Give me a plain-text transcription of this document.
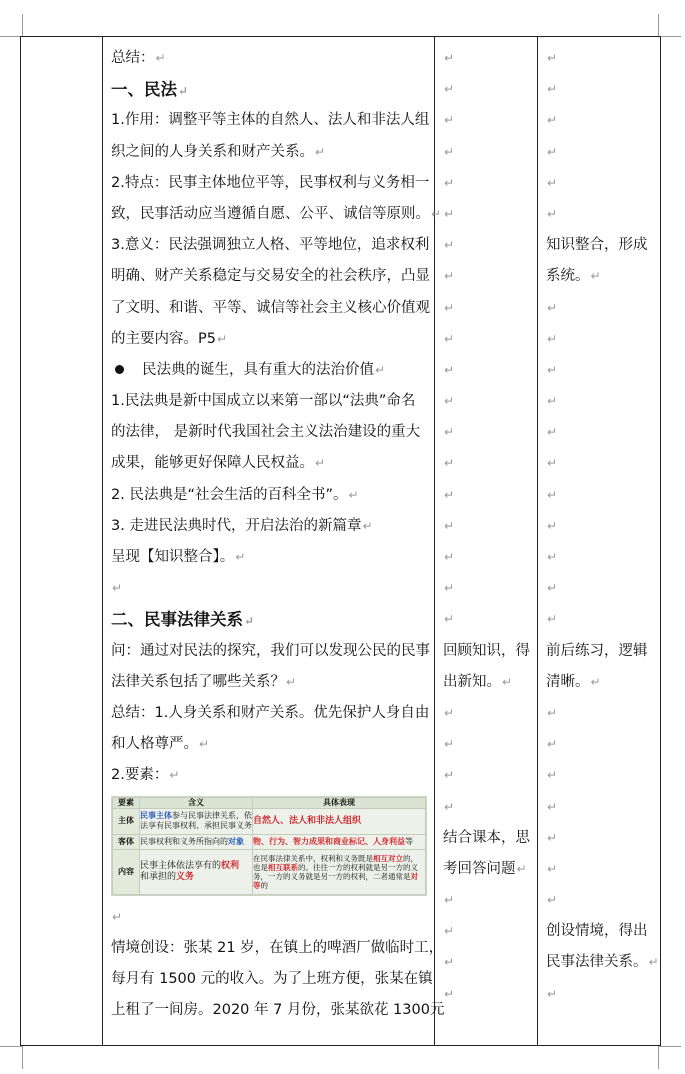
总结：↵
一、民法↵
1.作用：调整平等主体的自然人、法人和非法人组
织之间的人身关系和财产关系。↵
2.特点：民事主体地位平等，民事权利与义务相一
致，民事活动应当遵循自愿、公平、诚信等原则。↵
3.意义：民法强调独立人格、平等地位，追求权利
明确、财产关系稳定与交易安全的社会秩序，凸显
了文明、和谐、平等、诚信等社会主义核心价值观
的主要内容。P5↵
民法典的诞生，具有重大的法治价值↵
1.民法典是新中国成立以来第一部以“法典”命名
的法律， 是新时代我国社会主义法治建设的重大
成果，能够更好保障人民权益。↵
2. 民法典是“社会生活的百科全书”。↵
3. 走进民法典时代，开启法治的新篇章↵
呈现【知识整合】。↵
↵
二、民事法律关系↵
问：通过对民法的探究，我们可以发现公民的民事
法律关系包括了哪些关系？↵
总结：1.人身关系和财产关系。优先保护人身自由
和人格尊严。↵
2.要素：↵
要素	含义	具体表现
主体	民事主体参与民事法律关系，依法享有民事权利、承担民事义务	自然人、法人和非法人组织
客体	民事权利和义务所指向的对象	物、行为、智力成果和商业标记、人身利益等
内容	民事主体依法享有的权利
和承担的义务	在民事法律关系中，权利和义务既是相互对立的，也是相互联系的。往往一方的权利就是另一方的义务，一方的义务就是另一方的权利，二者通常是对等的
↵
情境创设：张某 21 岁，在镇上的啤酒厂做临时工，
每月有 1500 元的收入。为了上班方便，张某在镇
上租了一间房。2020 年 7 月份，张某欲花 1300元

↵
↵
↵
↵
↵
↵
↵
↵
↵
↵
↵
↵
↵
↵
↵
↵
↵
↵
↵
回顾知识，得
出新知。↵
↵
↵
↵
↵
结合课本，思
考回答问题↵
↵
↵
↵
↵

↵
↵
↵
↵
↵
↵
知识整合，形成
系统。↵
↵
↵
↵
↵
↵
↵
↵
↵
↵
↵
↵
前后练习，逻辑
清晰。↵
↵
↵
↵
↵
↵
↵
↵
创设情境，得出
民事法律关系。↵
↵
